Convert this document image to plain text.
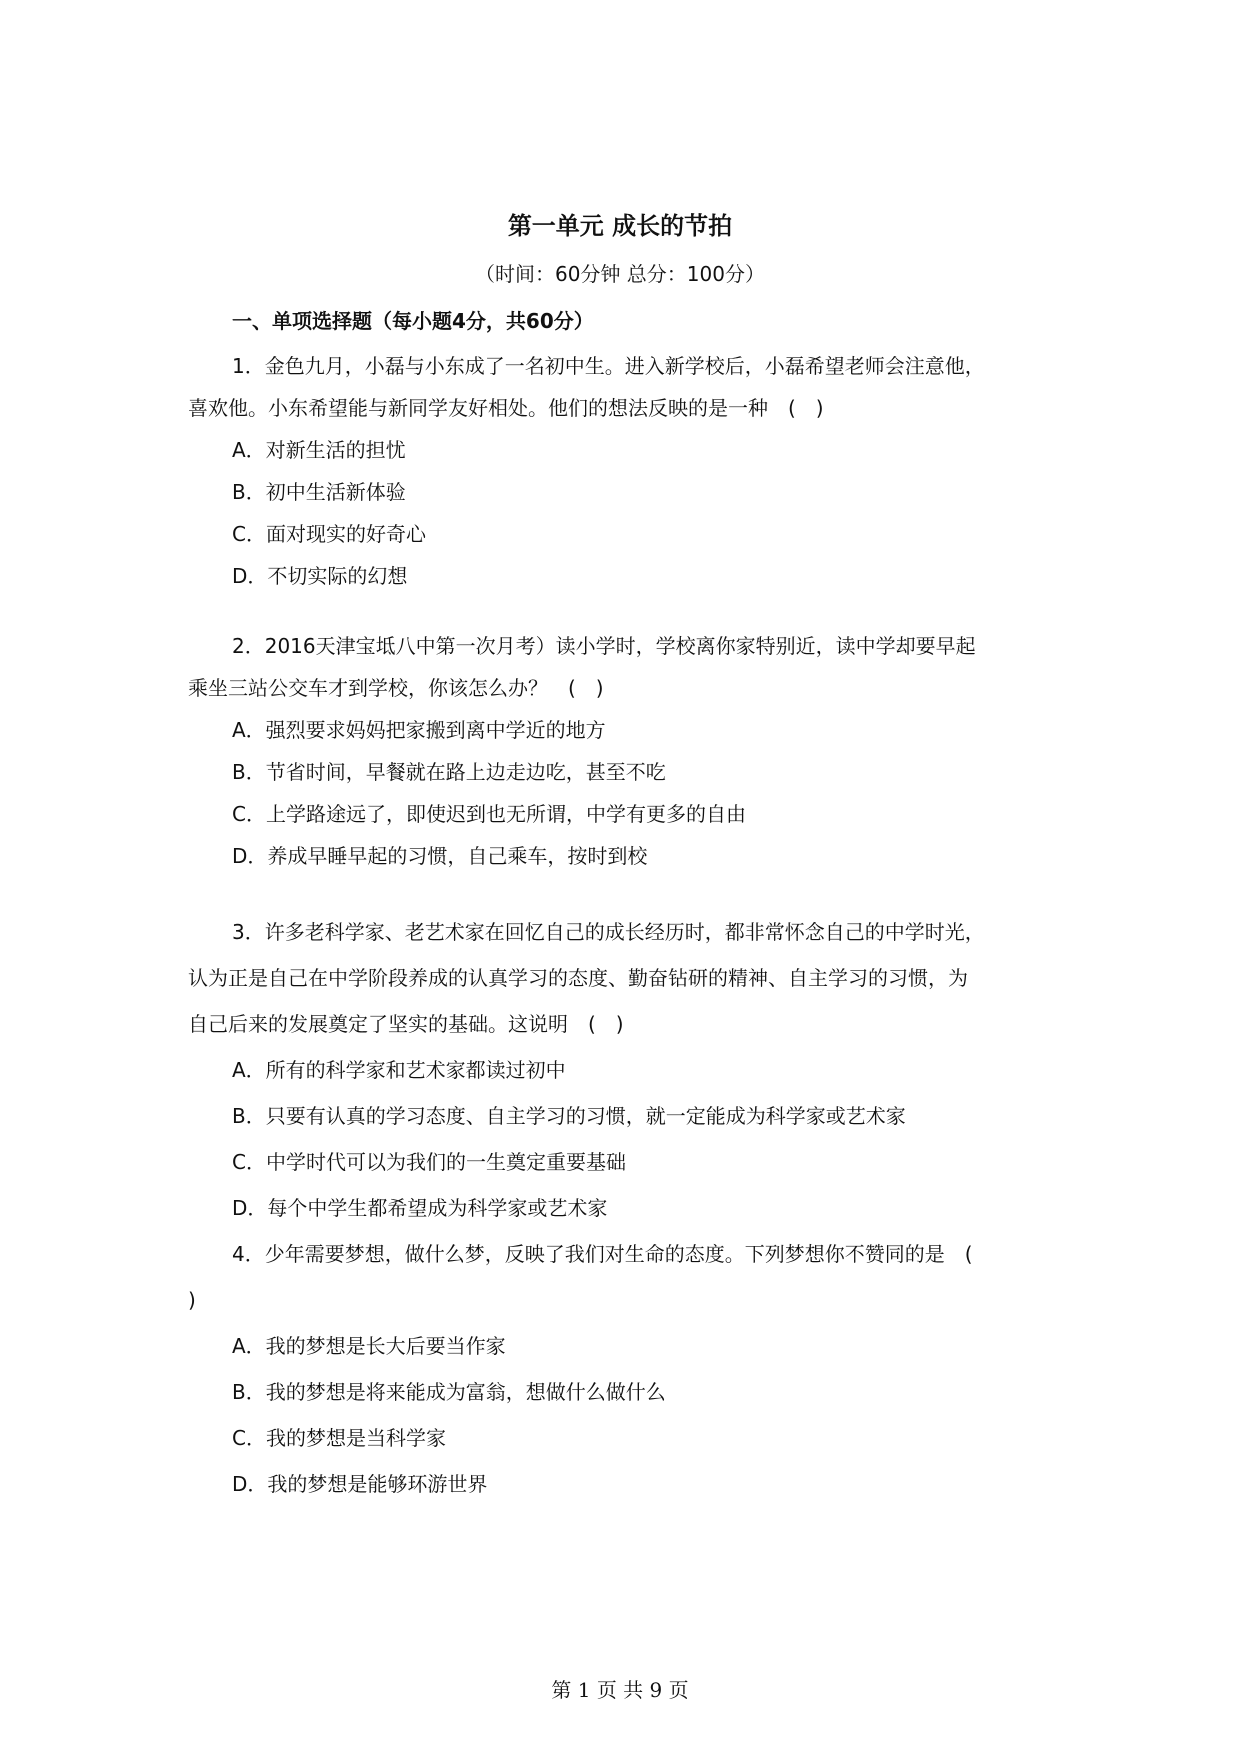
第一单元 成长的节拍
（时间：60分钟 总分：100分）
一、单项选择题（每小题4分，共60分）
1．金色九月，小磊与小东成了一名初中生。进入新学校后，小磊希望老师会注意他，
喜欢他。小东希望能与新同学友好相处。他们的想法反映的是一种　(　)
A．对新生活的担忧
B．初中生活新体验
C．面对现实的好奇心
D．不切实际的幻想
2．2016天津宝坻八中第一次月考）读小学时，学校离你家特别近，读中学却要早起
乘坐三站公交车才到学校，你该怎么办？　(　)
A．强烈要求妈妈把家搬到离中学近的地方
B．节省时间，早餐就在路上边走边吃，甚至不吃
C．上学路途远了，即使迟到也无所谓，中学有更多的自由
D．养成早睡早起的习惯，自己乘车，按时到校
3．许多老科学家、老艺术家在回忆自己的成长经历时，都非常怀念自己的中学时光，
认为正是自己在中学阶段养成的认真学习的态度、勤奋钻研的精神、自主学习的习惯，为
自己后来的发展奠定了坚实的基础。这说明　(　)
A．所有的科学家和艺术家都读过初中
B．只要有认真的学习态度、自主学习的习惯，就一定能成为科学家或艺术家
C．中学时代可以为我们的一生奠定重要基础
D．每个中学生都希望成为科学家或艺术家
4．少年需要梦想，做什么梦，反映了我们对生命的态度。下列梦想你不赞同的是　(
)
A．我的梦想是长大后要当作家
B．我的梦想是将来能成为富翁，想做什么做什么
C．我的梦想是当科学家
D．我的梦想是能够环游世界
第 1 页 共 9 页
